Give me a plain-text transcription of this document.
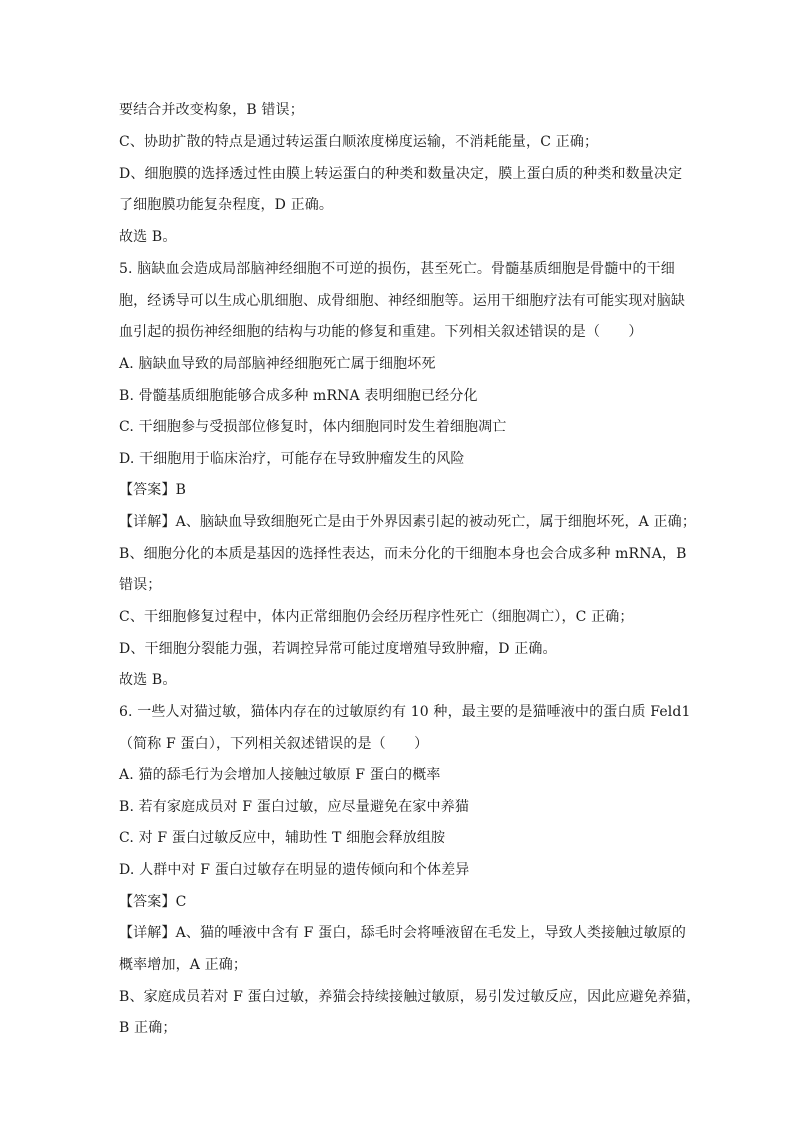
要结合并改变构象，B 错误；
C、协助扩散的特点是通过转运蛋白顺浓度梯度运输，不消耗能量，C 正确；
D、细胞膜的选择透过性由膜上转运蛋白的种类和数量决定，膜上蛋白质的种类和数量决定
了细胞膜功能复杂程度，D 正确。
故选 B。
5. 脑缺血会造成局部脑神经细胞不可逆的损伤，甚至死亡。骨髓基质细胞是骨髓中的干细
胞，经诱导可以生成心肌细胞、成骨细胞、神经细胞等。运用干细胞疗法有可能实现对脑缺
血引起的损伤神经细胞的结构与功能的修复和重建。下列相关叙述错误的是（　　）
A. 脑缺血导致的局部脑神经细胞死亡属于细胞坏死
B. 骨髓基质细胞能够合成多种 mRNA 表明细胞已经分化
C. 干细胞参与受损部位修复时，体内细胞同时发生着细胞凋亡
D. 干细胞用于临床治疗，可能存在导致肿瘤发生的风险
【答案】B
【详解】A、脑缺血导致细胞死亡是由于外界因素引起的被动死亡，属于细胞坏死，A 正确；
B、细胞分化的本质是基因的选择性表达，而未分化的干细胞本身也会合成多种 mRNA，B
错误；
C、干细胞修复过程中，体内正常细胞仍会经历程序性死亡（细胞凋亡），C 正确；
D、干细胞分裂能力强，若调控异常可能过度增殖导致肿瘤，D 正确。
故选 B。
6. 一些人对猫过敏，猫体内存在的过敏原约有 10 种，最主要的是猫唾液中的蛋白质 Feld1
（简称 F 蛋白），下列相关叙述错误的是（　　）
A. 猫的舔毛行为会增加人接触过敏原 F 蛋白的概率
B. 若有家庭成员对 F 蛋白过敏，应尽量避免在家中养猫
C. 对 F 蛋白过敏反应中，辅助性 T 细胞会释放组胺
D. 人群中对 F 蛋白过敏存在明显的遗传倾向和个体差异
【答案】C
【详解】A、猫的唾液中含有 F 蛋白，舔毛时会将唾液留在毛发上，导致人类接触过敏原的
概率增加，A 正确；
B、家庭成员若对 F 蛋白过敏，养猫会持续接触过敏原，易引发过敏反应，因此应避免养猫，
B 正确；
